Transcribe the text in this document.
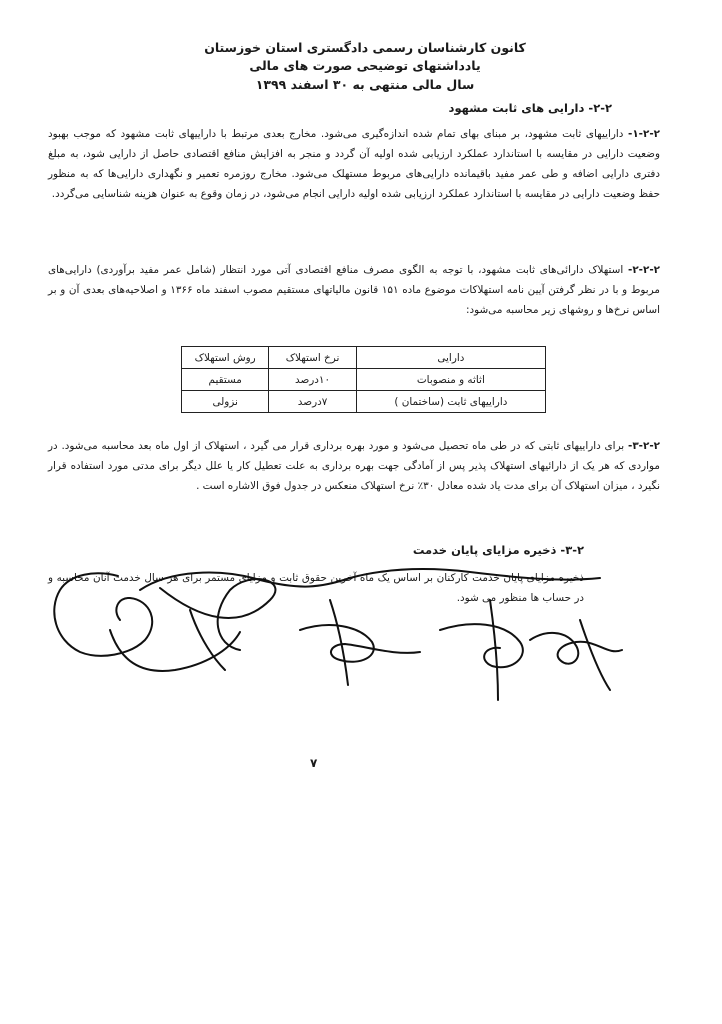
کانون کارشناسان رسمی دادگستری استان خوزستان
یادداشتهای توضیحی صورت های مالی
سال مالی منتهی به ۳۰ اسفند ۱۳۹۹
۲-۲- دارایی های ثابت مشهود
۱-۲-۲- داراییهای ثابت مشهود، بر مبنای بهای تمام شده اندازه‌گیری می‌شود. مخارج بعدی مرتبط با داراییهای ثابت مشهود که موجب بهبود وضعیت دارایی در مقایسه با استاندارد عملکرد ارزیابی شده اولیه آن گردد و منجر به افزایش منافع اقتصادی حاصل از دارایی شود، به مبلغ دفتری دارایی اضافه و طی عمر مفید باقیمانده دارایی‌های مربوط مستهلک می‌شود. مخارج روزمره تعمیر و نگهداری دارایی‌ها که به منظور حفظ وضعیت دارایی در مقایسه با استاندارد عملکرد ارزیابی شده اولیه دارایی انجام می‌شود، در زمان وقوع به عنوان هزینه شناسایی می‌گردد.
۲-۲-۲- استهلاک دارائی‌های ثابت مشهود، با توجه به الگوی مصرف منافع اقتصادی آتی مورد انتظار (شامل عمر مفید برآوردی) دارایی‌های مربوط و با در نظر گرفتن آیین نامه استهلاکات موضوع ماده ۱۵۱ قانون مالیاتهای مستقیم مصوب اسفند ماه ۱۳۶۶ و اصلاحیه‌های بعدی آن و بر اساس نرخ‌ها و روشهای زیر محاسبه می‌شود:
دارایی	نرخ استهلاک	روش استهلاک
اثاثه و منصوبات	۱۰درصد	مستقیم
داراییهای ثابت (ساختمان )	۷درصد	نزولی
۳-۲-۲- برای داراییهای ثابتی که در طی ماه تحصیل می‌شود و مورد بهره برداری قرار می گیرد ، استهلاک از اول ماه بعد محاسبه می‌شود. در مواردی که هر یک از دارائیهای استهلاک پذیر پس از آمادگی جهت بهره برداری به علت تعطیل کار یا علل دیگر برای مدتی مورد استفاده قرار نگیرد ، میزان استهلاک آن برای مدت یاد شده معادل ۳۰٪ نرخ استهلاک منعکس در جدول فوق الاشاره است .
۳-۲- ذخیره مزایای پایان خدمت
ذخیره مزایای پایان خدمت کارکنان بر اساس یک ماه آخرین حقوق ثابت و مزایای مستمر برای هر سال خدمت آنان محاسبه و در حساب ها منظور می شود.
۷
